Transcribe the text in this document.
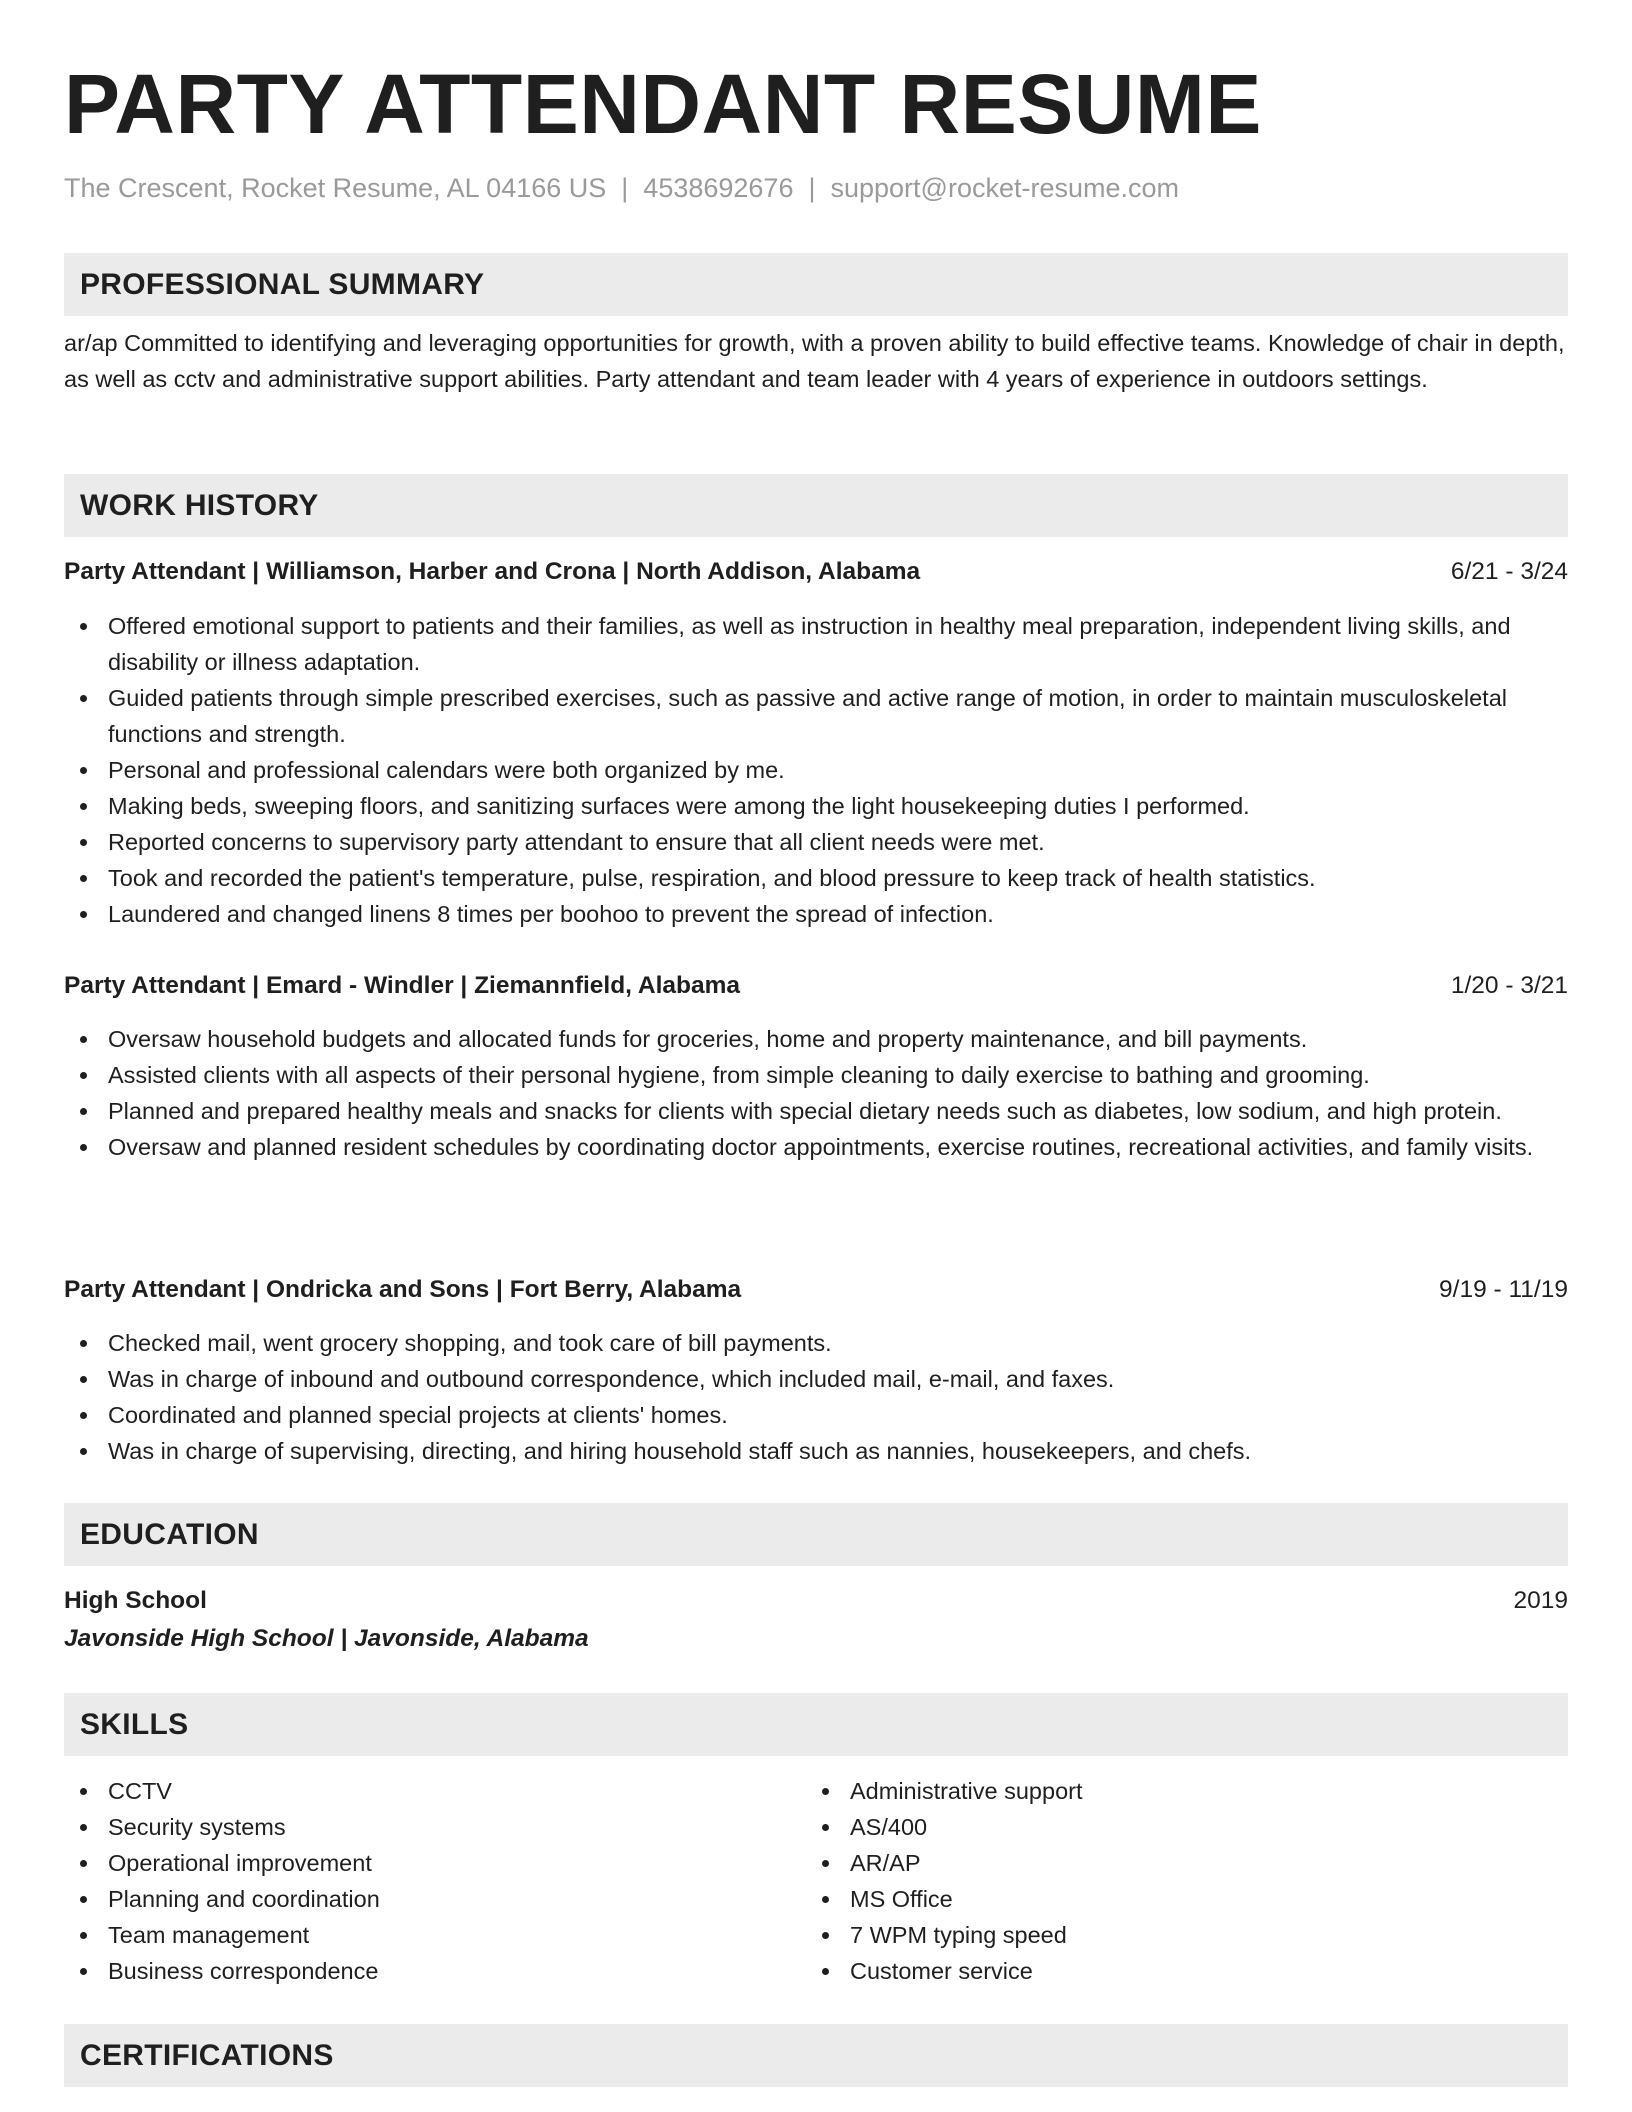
PARTY ATTENDANT RESUME
The Crescent, Rocket Resume, AL 04166 US | 4538692676 | support@rocket-resume.com
PROFESSIONAL SUMMARY
ar/ap Committed to identifying and leveraging opportunities for growth, with a proven ability to build effective teams. Knowledge of chair in depth, as well as cctv and administrative support abilities. Party attendant and team leader with 4 years of experience in outdoors settings.
WORK HISTORY
Party Attendant | Williamson, Harber and Crona | North Addison, Alabama	6/21 - 3/24
Offered emotional support to patients and their families, as well as instruction in healthy meal preparation, independent living skills, and disability or illness adaptation.
Guided patients through simple prescribed exercises, such as passive and active range of motion, in order to maintain musculoskeletal functions and strength.
Personal and professional calendars were both organized by me.
Making beds, sweeping floors, and sanitizing surfaces were among the light housekeeping duties I performed.
Reported concerns to supervisory party attendant to ensure that all client needs were met.
Took and recorded the patient's temperature, pulse, respiration, and blood pressure to keep track of health statistics.
Laundered and changed linens 8 times per boohoo to prevent the spread of infection.
Party Attendant | Emard - Windler | Ziemannfield, Alabama	1/20 - 3/21
Oversaw household budgets and allocated funds for groceries, home and property maintenance, and bill payments.
Assisted clients with all aspects of their personal hygiene, from simple cleaning to daily exercise to bathing and grooming.
Planned and prepared healthy meals and snacks for clients with special dietary needs such as diabetes, low sodium, and high protein.
Oversaw and planned resident schedules by coordinating doctor appointments, exercise routines, recreational activities, and family visits.
Party Attendant | Ondricka and Sons | Fort Berry, Alabama	9/19 - 11/19
Checked mail, went grocery shopping, and took care of bill payments.
Was in charge of inbound and outbound correspondence, which included mail, e-mail, and faxes.
Coordinated and planned special projects at clients' homes.
Was in charge of supervising, directing, and hiring household staff such as nannies, housekeepers, and chefs.
EDUCATION
High School	2019
Javonside High School | Javonside, Alabama
SKILLS
CCTV
Security systems
Operational improvement
Planning and coordination
Team management
Business correspondence
Administrative support
AS/400
AR/AP
MS Office
7 WPM typing speed
Customer service
CERTIFICATIONS
